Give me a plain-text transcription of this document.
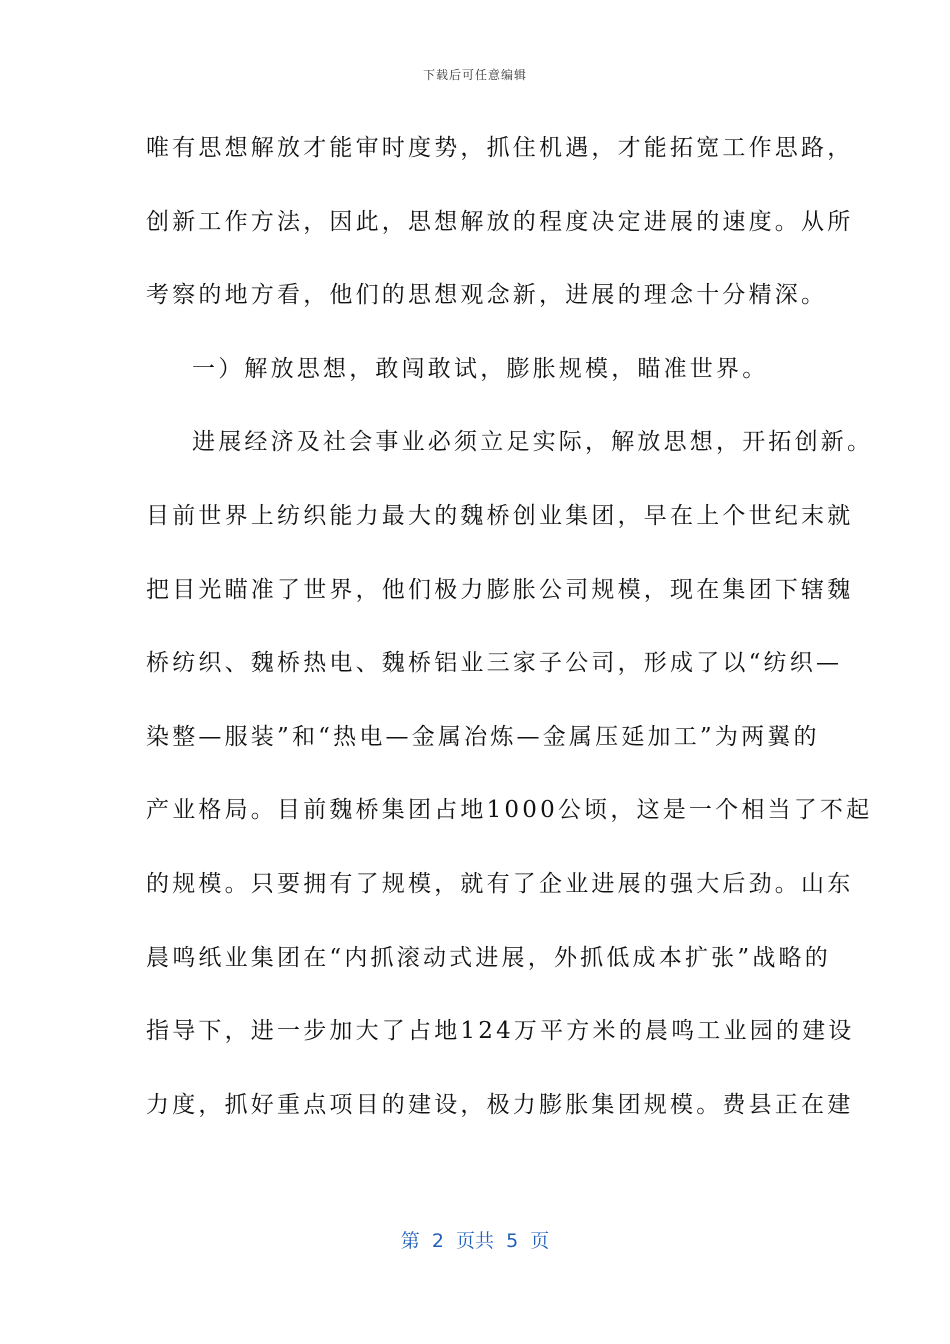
下载后可任意编辑
唯有思想解放才能审时度势，抓住机遇，才能拓宽工作思路，
创新工作方法，因此，思想解放的程度决定进展的速度。从所
考察的地方看，他们的思想观念新，进展的理念十分精深。
一）解放思想，敢闯敢试，膨胀规模，瞄准世界。
进展经济及社会事业必须立足实际，解放思想，开拓创新。
目前世界上纺织能力最大的魏桥创业集团，早在上个世纪末就
把目光瞄准了世界，他们极力膨胀公司规模，现在集团下辖魏
桥纺织、魏桥热电、魏桥铝业三家子公司，形成了以“纺织—
染整—服装”和“热电—金属冶炼—金属压延加工”为两翼的
产业格局。目前魏桥集团占地1000公顷，这是一个相当了不起
的规模。只要拥有了规模，就有了企业进展的强大后劲。山东
晨鸣纸业集团在“内抓滚动式进展，外抓低成本扩张”战略的
指导下，进一步加大了占地124万平方米的晨鸣工业园的建设
力度，抓好重点项目的建设，极力膨胀集团规模。费县正在建
第  2  页共  5  页
